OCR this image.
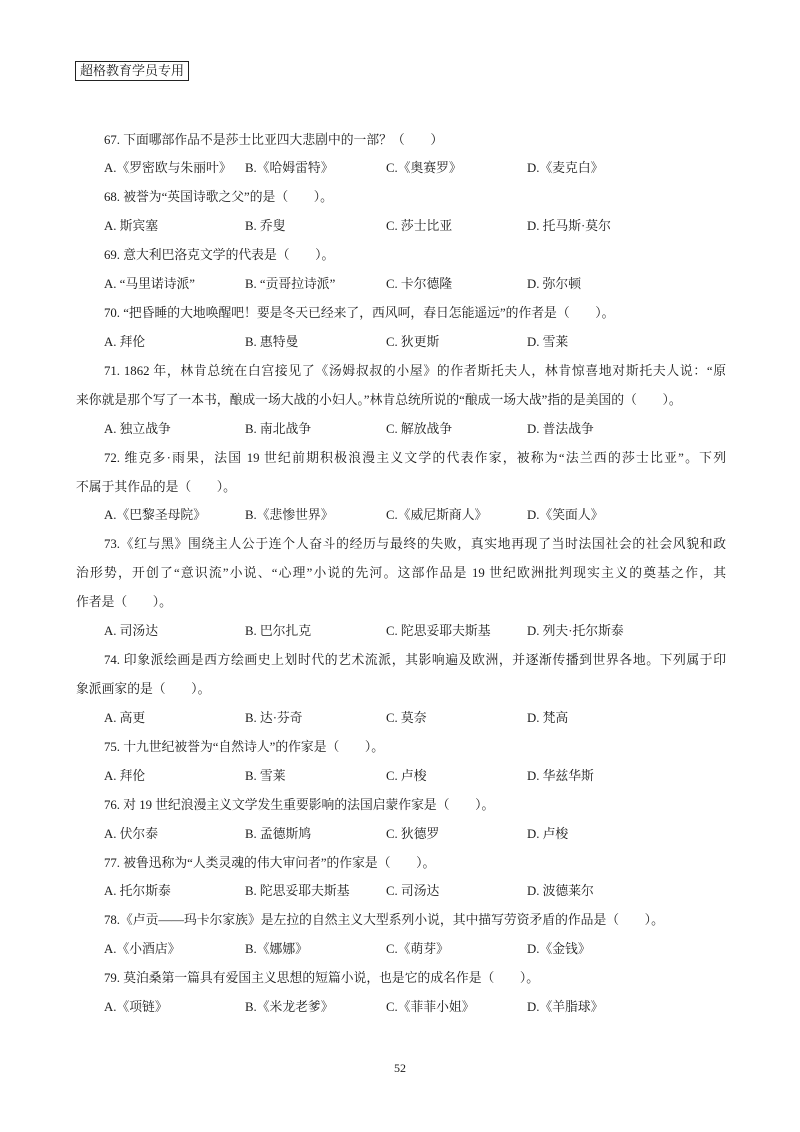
超格教育学员专用
67. 下面哪部作品不是莎士比亚四大悲剧中的一部？（　　）
A.《罗密欧与朱丽叶》 B.《哈姆雷特》	C.《奥赛罗》	D.《麦克白》
68. 被誉为“英国诗歌之父”的是（　　）。
A. 斯宾塞	B. 乔叟	C. 莎士比亚	D. 托马斯·莫尔
69. 意大利巴洛克文学的代表是（　　）。
A. “马里诺诗派”	B. “贡哥拉诗派”	C. 卡尔德隆	D. 弥尔顿
70. “把昏睡的大地唤醒吧！要是冬天已经来了，西风呵，春日怎能遥远”的作者是（　　）。
A. 拜伦	B. 惠特曼	C. 狄更斯	D. 雪莱
71. 1862 年，林肯总统在白宫接见了《汤姆叔叔的小屋》的作者斯托夫人，林肯惊喜地对斯托夫人说：“原
来你就是那个写了一本书，酿成一场大战的小妇人。”林肯总统所说的“酿成一场大战”指的是美国的（　　）。
A. 独立战争	B. 南北战争	C. 解放战争	D. 普法战争
72. 维克多·雨果，法国 19 世纪前期积极浪漫主义文学的代表作家，被称为“法兰西的莎士比亚”。下列
不属于其作品的是（　　）。
A.《巴黎圣母院》	B.《悲惨世界》	C.《威尼斯商人》	D.《笑面人》
73.《红与黑》围绕主人公于连个人奋斗的经历与最终的失败，真实地再现了当时法国社会的社会风貌和政
治形势，开创了“意识流”小说、“心理”小说的先河。这部作品是 19 世纪欧洲批判现实主义的奠基之作，其
作者是（　　）。
A. 司汤达	B. 巴尔扎克	C. 陀思妥耶夫斯基	D. 列夫·托尔斯泰
74. 印象派绘画是西方绘画史上划时代的艺术流派，其影响遍及欧洲，并逐渐传播到世界各地。下列属于印
象派画家的是（　　）。
A. 高更	B. 达·芬奇	C. 莫奈	D. 梵高
75. 十九世纪被誉为“自然诗人”的作家是（　　）。
A. 拜伦	B. 雪莱	C. 卢梭	D. 华兹华斯
76. 对 19 世纪浪漫主义文学发生重要影响的法国启蒙作家是（　　）。
A. 伏尔泰	B. 孟德斯鸠	C. 狄德罗	D. 卢梭
77. 被鲁迅称为“人类灵魂的伟大审问者”的作家是（　　）。
A. 托尔斯泰	B. 陀思妥耶夫斯基	C. 司汤达	D. 波德莱尔
78.《卢贡——玛卡尔家族》是左拉的自然主义大型系列小说，其中描写劳资矛盾的作品是（　　）。
A.《小酒店》	B.《娜娜》	C.《萌芽》	D.《金钱》
79. 莫泊桑第一篇具有爱国主义思想的短篇小说，也是它的成名作是（　　）。
A.《项链》	B.《米龙老爹》	C.《菲菲小姐》	D.《羊脂球》
52
